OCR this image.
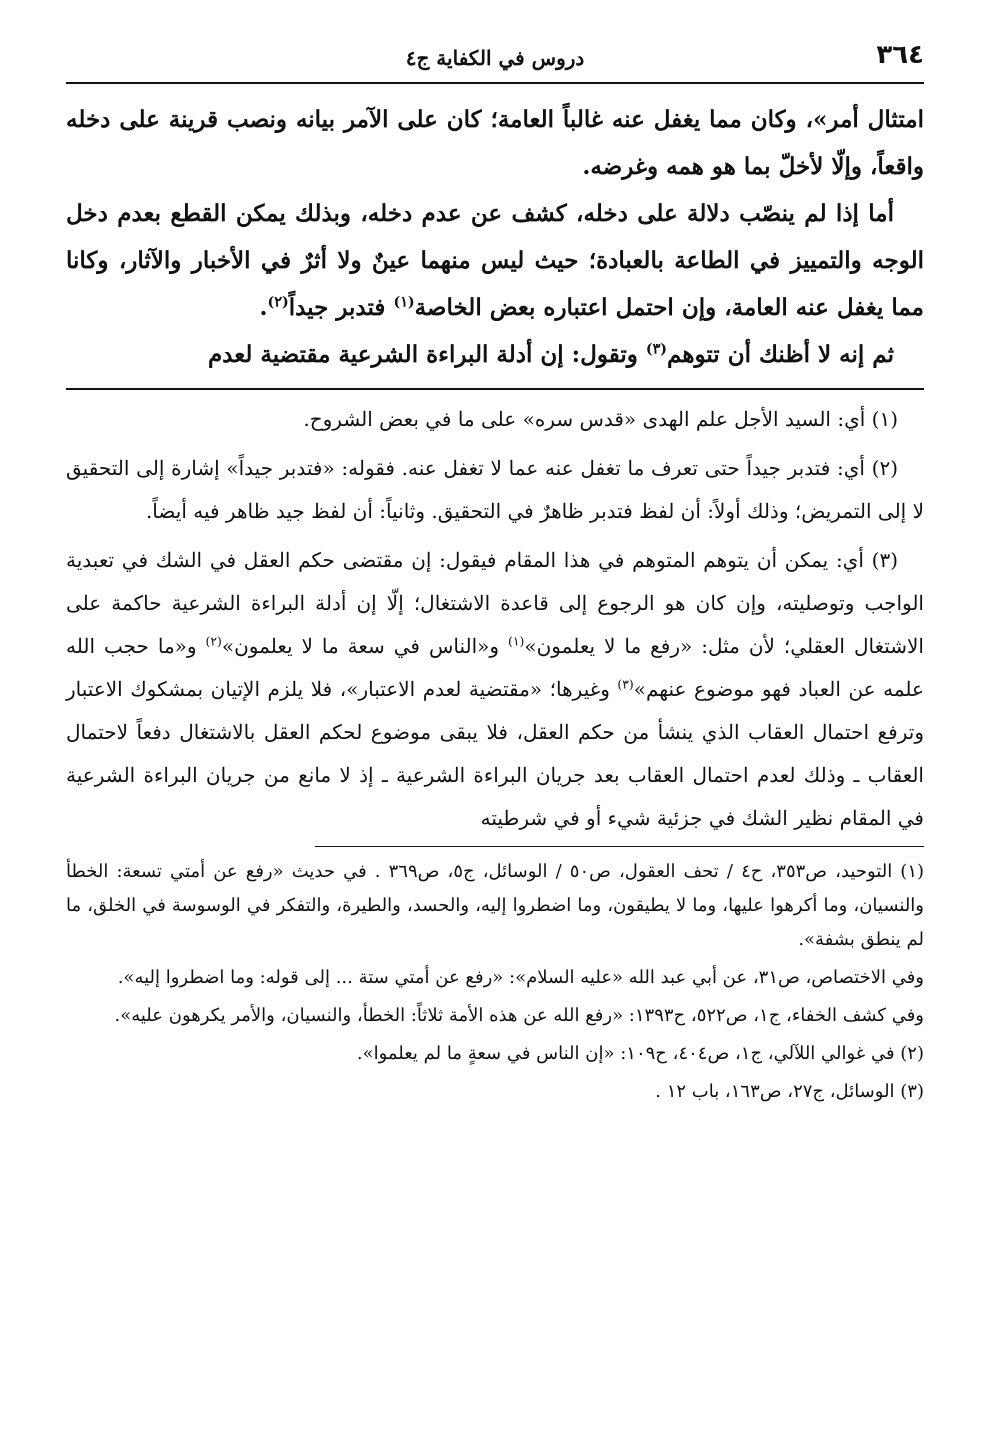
٣٦٤
دروس في الكفاية ج٤

امتثال أمر»، وكان مما يغفل عنه غالباً العامة؛ كان على الآمر بيانه ونصب قرينة على دخله واقعاً، وإلّا لأخلّ بما هو همه وغرضه.

أما إذا لم ينصّب دلالة على دخله، كشف عن عدم دخله، وبذلك يمكن القطع بعدم دخل الوجه والتمييز في الطاعة بالعبادة؛ حيث ليس منهما عينٌ ولا أثرٌ في الأخبار والآثار، وكانا مما يغفل عنه العامة، وإن احتمل اعتباره بعض الخاصة$^{(١)}$ فتدبر جيداً$^{(٢)}$.

ثم إنه لا أظنك أن تتوهم$^{(٣)}$ وتقول: إن أدلة البراءة الشرعية مقتضية لعدم

(١) أي: السيد الأجل علم الهدى «قدس سره» على ما في بعض الشروح.

(٢) أي: فتدبر جيداً حتى تعرف ما تغفل عنه عما لا تغفل عنه. فقوله: «فتدبر جيداً» إشارة إلى التحقيق لا إلى التمريض؛ وذلك أولاً: أن لفظ فتدبر ظاهرٌ في التحقيق. وثانياً: أن لفظ جيد ظاهر فيه أيضاً.

(٣) أي: يمكن أن يتوهم المتوهم في هذا المقام فيقول: إن مقتضى حكم العقل في الشك في تعبدية الواجب وتوصليته، وإن كان هو الرجوع إلى قاعدة الاشتغال؛ إلّا إن أدلة البراءة الشرعية حاكمة على الاشتغال العقلي؛ لأن مثل: «رفع ما لا يعلمون»$^{(١)}$ و«الناس في سعة ما لا يعلمون»$^{(٢)}$ و«ما حجب الله علمه عن العباد فهو موضوع عنهم»$^{(٣)}$ وغيرها؛ «مقتضية لعدم الاعتبار»، فلا يلزم الإتيان بمشكوك الاعتبار وترفع احتمال العقاب الذي ينشأ من حكم العقل، فلا يبقى موضوع لحكم العقل بالاشتغال دفعاً لاحتمال العقاب ـ وذلك لعدم احتمال العقاب بعد جريان البراءة الشرعية ـ إذ لا مانع من جريان البراءة الشرعية في المقام نظير الشك في جزئية شيء أو في شرطيته

(١) التوحيد، ص٣٥٣، ح٤ / تحف العقول، ص٥٠ / الوسائل، ج٥، ص٣٦٩ . في حديث «رفع عن أمتي تسعة: الخطأ والنسيان، وما أكرهوا عليها، وما لا يطيقون، وما اضطروا إليه، والحسد، والطيرة، والتفكر في الوسوسة في الخلق، ما لم ينطق بشفة».

وفي الاختصاص، ص٣١، عن أبي عبد الله «عليه السلام»: «رفع عن أمتي ستة ... إلى قوله: وما اضطروا إليه».

وفي كشف الخفاء، ج١، ص٥٢٢، ح١٣٩٣: «رفع الله عن هذه الأمة ثلاثاً: الخطأ، والنسيان، والأمر يكرهون عليه».

(٢) في غوالي اللآلي، ج١، ص٤٠٤، ح١٠٩: «إن الناس في سعةٍ ما لم يعلموا».

(٣) الوسائل، ج٢٧، ص١٦٣، باب ١٢ .
